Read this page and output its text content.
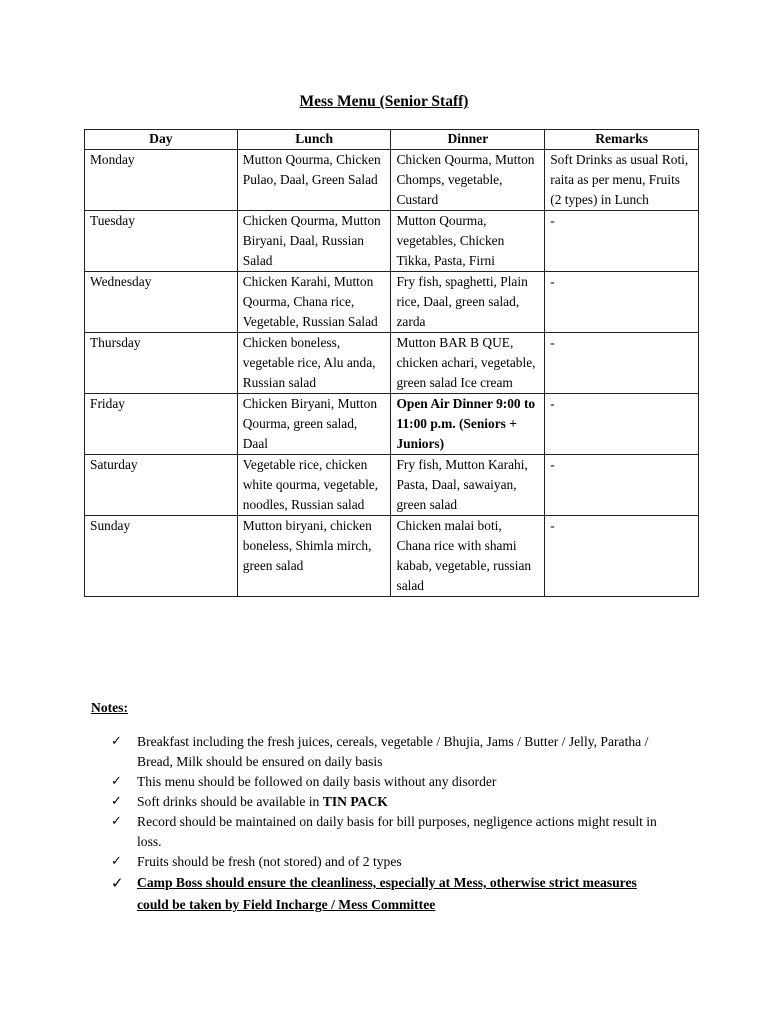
Mess Menu (Senior Staff)
Day	Lunch	Dinner	Remarks
Monday	Mutton Qourma, Chicken Pulao, Daal, Green Salad	Chicken Qourma, Mutton Chomps, vegetable, Custard	Soft Drinks as usual Roti, raita as per menu, Fruits (2 types) in Lunch
Tuesday	Chicken Qourma, Mutton Biryani, Daal, Russian Salad	Mutton Qourma, vegetables, Chicken Tikka, Pasta, Firni	-
Wednesday	Chicken Karahi, Mutton Qourma, Chana rice, Vegetable, Russian Salad	Fry fish, spaghetti, Plain rice, Daal, green salad, zarda	-
Thursday	Chicken boneless, vegetable rice, Alu anda, Russian salad	Mutton BAR B QUE, chicken achari, vegetable, green salad Ice cream	-
Friday	Chicken Biryani, Mutton Qourma, green salad, Daal	Open Air Dinner 9:00 to 11:00 p.m. (Seniors + Juniors)	-
Saturday	Vegetable rice, chicken white qourma, vegetable, noodles, Russian salad	Fry fish, Mutton Karahi, Pasta, Daal, sawaiyan, green salad	-
Sunday	Mutton biryani, chicken boneless, Shimla mirch, green salad	Chicken malai boti, Chana rice with shami kabab, vegetable, russian salad	-
Notes:
✓	Breakfast including the fresh juices, cereals, vegetable / Bhujia, Jams / Butter / Jelly, Paratha / Bread, Milk should be ensured on daily basis
✓	This menu should be followed on daily basis without any disorder
✓	Soft drinks should be available in TIN PACK
✓	Record should be maintained on daily basis for bill purposes, negligence actions might result in loss.
✓	Fruits should be fresh (not stored) and of 2 types
✓ Camp Boss should ensure the cleanliness, especially at Mess, otherwise strict measures could be taken by Field Incharge / Mess Committee
